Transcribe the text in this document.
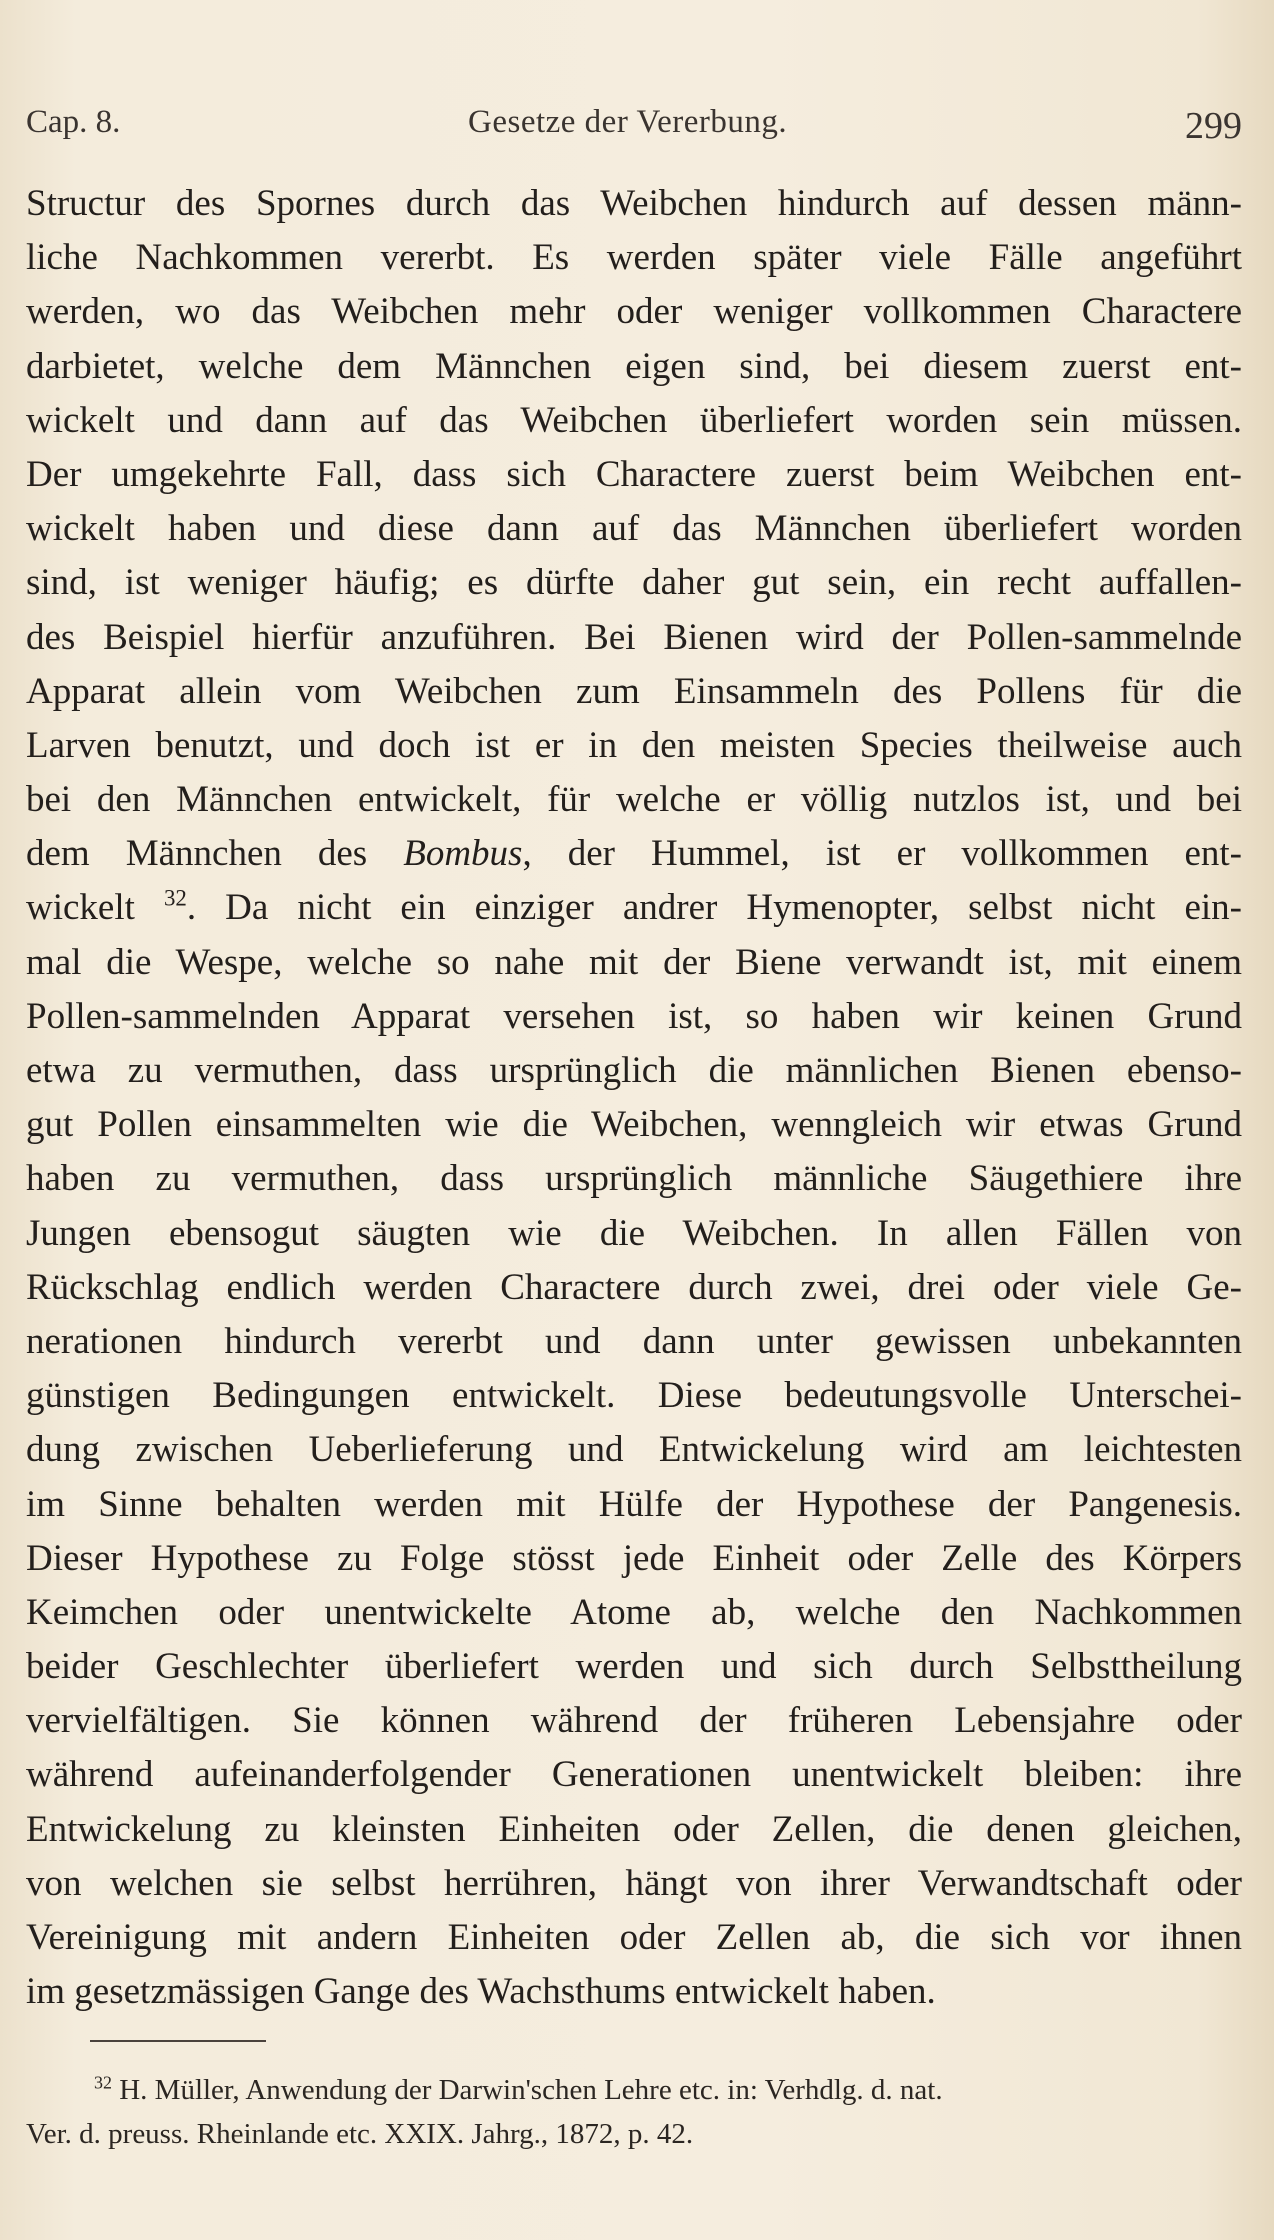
Cap. 8.	Gesetze der Vererbung.	299
Structur des Spornes durch das Weibchen hindurch auf dessen männ-
liche Nachkommen vererbt. Es werden später viele Fälle angeführt
werden, wo das Weibchen mehr oder weniger vollkommen Charactere
darbietet, welche dem Männchen eigen sind, bei diesem zuerst ent-
wickelt und dann auf das Weibchen überliefert worden sein müssen.
Der umgekehrte Fall, dass sich Charactere zuerst beim Weibchen ent-
wickelt haben und diese dann auf das Männchen überliefert worden
sind, ist weniger häufig; es dürfte daher gut sein, ein recht auffallen-
des Beispiel hierfür anzuführen. Bei Bienen wird der Pollen-sammelnde
Apparat allein vom Weibchen zum Einsammeln des Pollens für die
Larven benutzt, und doch ist er in den meisten Species theilweise auch
bei den Männchen entwickelt, für welche er völlig nutzlos ist, und bei
dem Männchen des Bombus, der Hummel, ist er vollkommen ent-
wickelt $^{32}$. Da nicht ein einziger andrer Hymenopter, selbst nicht ein-
mal die Wespe, welche so nahe mit der Biene verwandt ist, mit einem
Pollen-sammelnden Apparat versehen ist, so haben wir keinen Grund
etwa zu vermuthen, dass ursprünglich die männlichen Bienen ebenso-
gut Pollen einsammelten wie die Weibchen, wenngleich wir etwas Grund
haben zu vermuthen, dass ursprünglich männliche Säugethiere ihre
Jungen ebensogut säugten wie die Weibchen. In allen Fällen von
Rückschlag endlich werden Charactere durch zwei, drei oder viele Ge-
nerationen hindurch vererbt und dann unter gewissen unbekannten
günstigen Bedingungen entwickelt. Diese bedeutungsvolle Unterschei-
dung zwischen Ueberlieferung und Entwickelung wird am leichtesten
im Sinne behalten werden mit Hülfe der Hypothese der Pangenesis.
Dieser Hypothese zu Folge stösst jede Einheit oder Zelle des Körpers
Keimchen oder unentwickelte Atome ab, welche den Nachkommen
beider Geschlechter überliefert werden und sich durch Selbsttheilung
vervielfältigen. Sie können während der früheren Lebensjahre oder
während aufeinanderfolgender Generationen unentwickelt bleiben: ihre
Entwickelung zu kleinsten Einheiten oder Zellen, die denen gleichen,
von welchen sie selbst herrühren, hängt von ihrer Verwandtschaft oder
Vereinigung mit andern Einheiten oder Zellen ab, die sich vor ihnen
im gesetzmässigen Gange des Wachsthums entwickelt haben.
$^{32}$ H. Müller, Anwendung der Darwin'schen Lehre etc. in: Verhdlg. d. nat.
Ver. d. preuss. Rheinlande etc. XXIX. Jahrg., 1872, p. 42.
